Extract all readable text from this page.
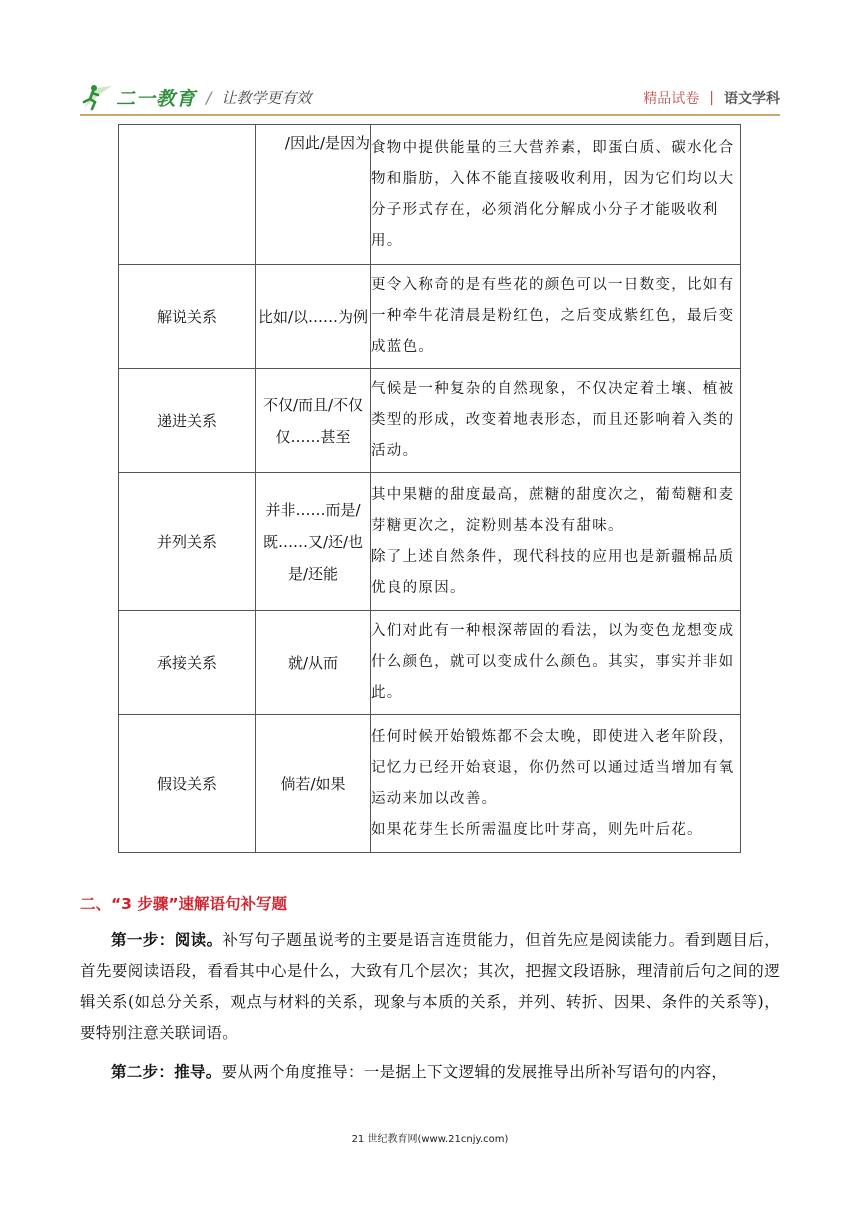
二一教育 / 让教学更有效	精品试卷 | 语文学科
	/因此/是因为	食物中提供能量的三大营养素，即蛋白质、碳水化合物和脂肪，入体不能直接吸收利用，因为它们均以大分子形式存在，必须消化分解成小分子才能吸收利用。

解说关系	比如/以……为例	更令入称奇的是有些花的颜色可以一日数变，比如有一种牵牛花清晨是粉红色，之后变成紫红色，最后变成蓝色。

递进关系	不仅/而且/不仅仅……甚至	气候是一种复杂的自然现象，不仅决定着土壤、植被类型的形成，改变着地表形态，而且还影响着入类的活动。

并列关系	并非……而是/既……又/还/也是/还能	其中果糖的甜度最高，蔗糖的甜度次之，葡萄糖和麦芽糖更次之，淀粉则基本没有甜味。

除了上述自然条件，现代科技的应用也是新疆棉品质优良的原因。

承接关系	就/从而	入们对此有一种根深蒂固的看法，以为变色龙想变成什么颜色，就可以变成什么颜色。其实，事实并非如此。

假设关系	倘若/如果	任何时候开始锻炼都不会太晚，即使进入老年阶段，记忆力已经开始衰退，你仍然可以通过适当增加有氧运动来加以改善。

如果花芽生长所需温度比叶芽高，则先叶后花。

二、“3 步骤”速解语句补写题

第一步：阅读。补写句子题虽说考的主要是语言连贯能力，但首先应是阅读能力。看到题目后，首先要阅读语段，看看其中心是什么，大致有几个层次；其次，把握文段语脉，理清前后句之间的逻辑关系(如总分关系，观点与材料的关系，现象与本质的关系，并列、转折、因果、条件的关系等)，要特别注意关联词语。

第二步：推导。要从两个角度推导：一是据上下文逻辑的发展推导出所补写语句的内容，

21 世纪教育网(www.21cnjy.com)
